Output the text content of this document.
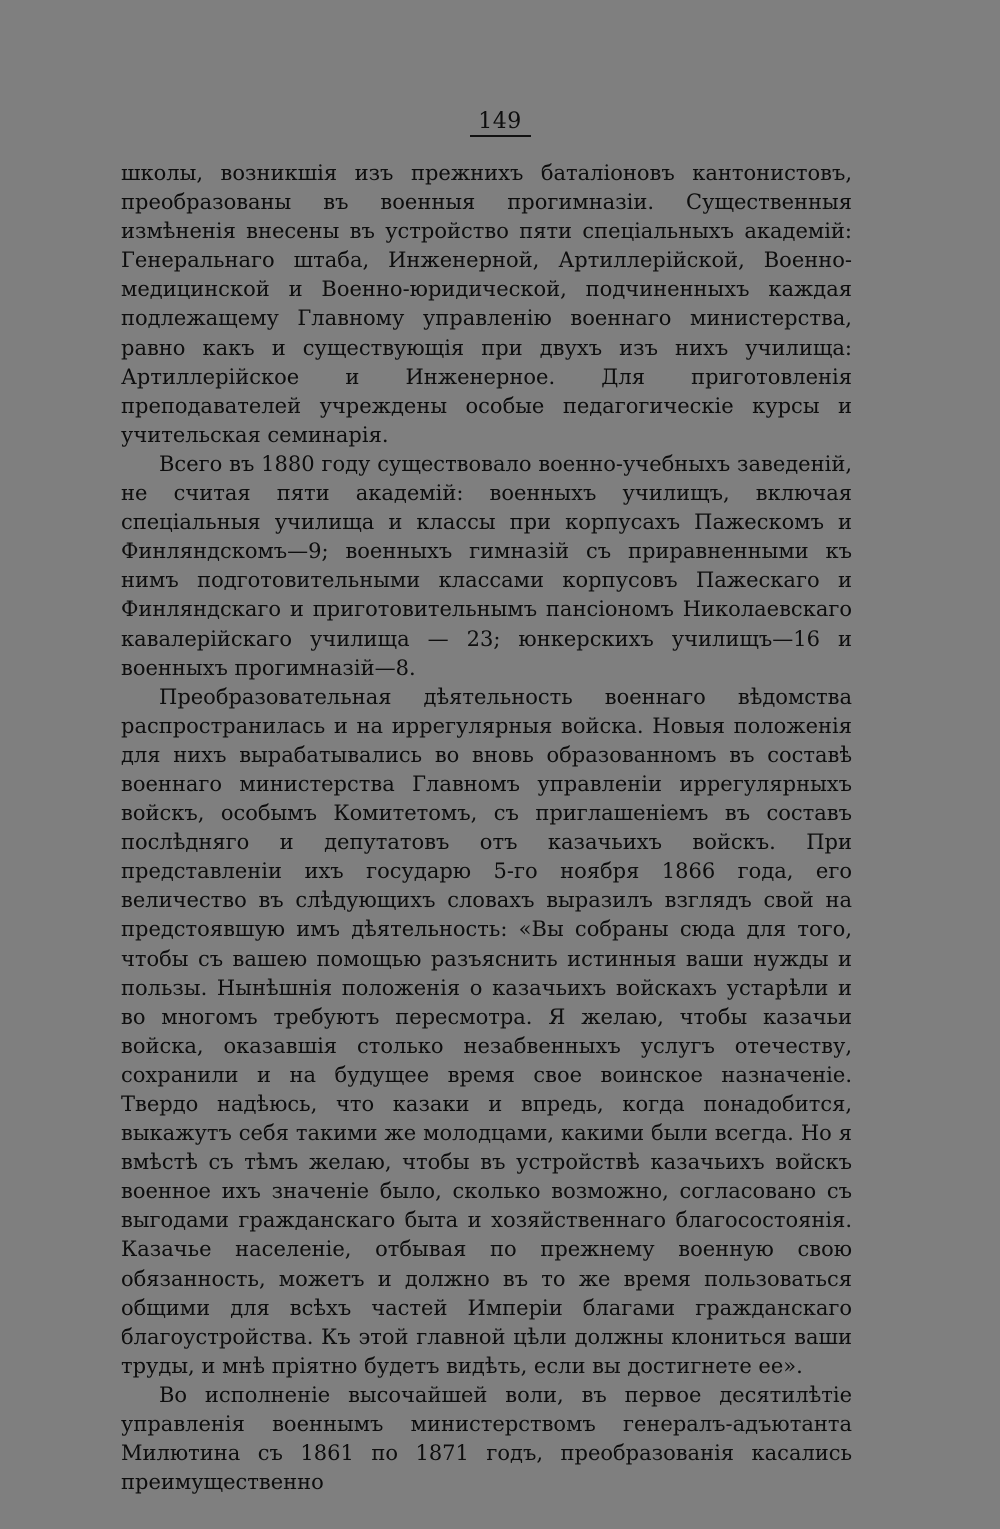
149

школы, возникшія изъ прежнихъ баталіоновъ кантонистовъ, преобразованы въ военныя прогимназіи. Существенныя измѣненія внесены въ устройство пяти спеціальныхъ академій: Генеральнаго штаба, Инженерной, Артиллерійской, Военно-медицинской и Военно-юридической, подчиненныхъ каждая подлежащему Главному управленію военнаго министерства, равно какъ и существующія при двухъ изъ нихъ училища: Артиллерійское и Инженерное. Для приготовленія преподавателей учреждены особые педагогическіе курсы и учительская семинарія.

Всего въ 1880 году существовало военно-учебныхъ заведеній, не считая пяти академій: военныхъ училищъ, включая спеціальныя училища и классы при корпусахъ Пажескомъ и Финляндскомъ—9; военныхъ гимназій съ приравненными къ нимъ подготовительными классами корпусовъ Пажескаго и Финляндскаго и приготовительнымъ пансіономъ Николаевскаго кавалерійскаго училища — 23; юнкерскихъ училищъ—16 и военныхъ прогимназій—8.

Преобразовательная дѣятельность военнаго вѣдомства распространилась и на иррегулярныя войска. Новыя положенія для нихъ вырабатывались во вновь образованномъ въ составѣ военнаго министерства Главномъ управленіи иррегулярныхъ войскъ, особымъ Комитетомъ, съ приглашеніемъ въ составъ послѣдняго и депутатовъ отъ казачьихъ войскъ. При представленіи ихъ государю 5-го ноября 1866 года, его величество въ слѣдующихъ словахъ выразилъ взглядъ свой на предстоявшую имъ дѣятельность: «Вы собраны сюда для того, чтобы съ вашею помощью разъяснить истинныя ваши нужды и пользы. Нынѣшнія положенія о казачьихъ войскахъ устарѣли и во многомъ требуютъ пересмотра. Я желаю, чтобы казачьи войска, оказавшія столько незабвенныхъ услугъ отечеству, сохранили и на будущее время свое воинское назначеніе. Твердо надѣюсь, что казаки и впредь, когда понадобится, выкажутъ себя такими же молодцами, какими были всегда. Но я вмѣстѣ съ тѣмъ желаю, чтобы въ устройствѣ казачьихъ войскъ военное ихъ значеніе было, сколько возможно, согласовано съ выгодами гражданскаго быта и хозяйственнаго благосостоянія. Казачье населеніе, отбывая по прежнему военную свою обязанность, можетъ и должно въ то же время пользоваться общими для всѣхъ частей Имперіи благами гражданскаго благоустройства. Къ этой главной цѣли должны клониться ваши труды, и мнѣ пріятно будетъ видѣть, если вы достигнете ее».

Во исполненіе высочайшей воли, въ первое десятилѣтіе управленія военнымъ министерствомъ генералъ-адъютанта Милютина съ 1861 по 1871 годъ, преобразованія касались преимущественно
